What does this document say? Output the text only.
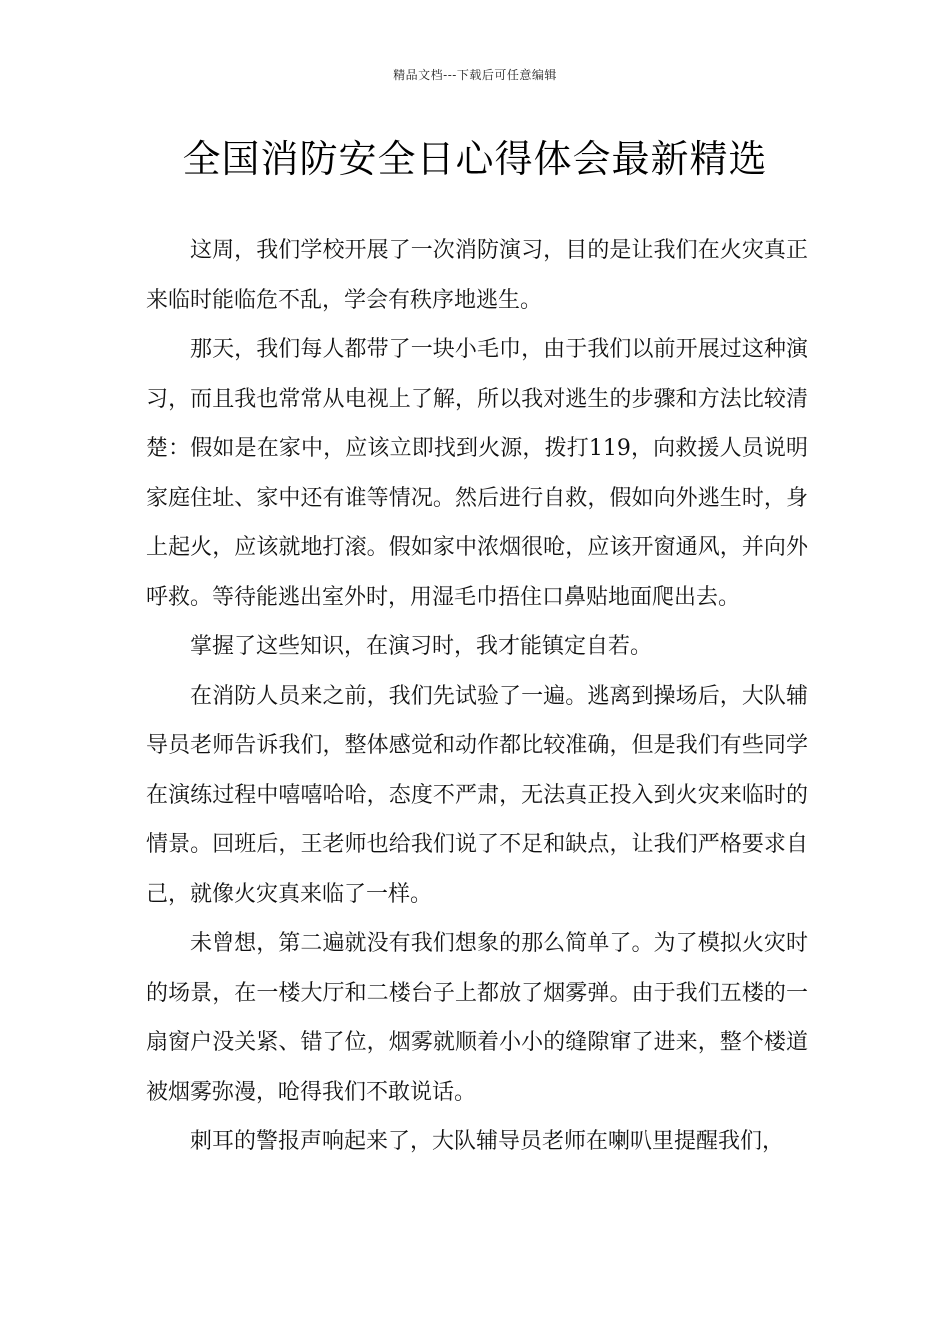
精品文档---下载后可任意编辑
全国消防安全日心得体会最新精选

这周，我们学校开展了一次消防演习，目的是让我们在火灾真正来临时能临危不乱，学会有秩序地逃生。

那天，我们每人都带了一块小毛巾，由于我们以前开展过这种演习，而且我也常常从电视上了解，所以我对逃生的步骤和方法比较清楚：假如是在家中，应该立即找到火源，拨打119，向救援人员说明家庭住址、家中还有谁等情况。然后进行自救，假如向外逃生时，身上起火，应该就地打滚。假如家中浓烟很呛，应该开窗通风，并向外呼救。等待能逃出室外时，用湿毛巾捂住口鼻贴地面爬出去。

掌握了这些知识，在演习时，我才能镇定自若。

在消防人员来之前，我们先试验了一遍。逃离到操场后，大队辅导员老师告诉我们，整体感觉和动作都比较准确，但是我们有些同学在演练过程中嘻嘻哈哈，态度不严肃，无法真正投入到火灾来临时的情景。回班后，王老师也给我们说了不足和缺点，让我们严格要求自己，就像火灾真来临了一样。

未曾想，第二遍就没有我们想象的那么简单了。为了模拟火灾时的场景，在一楼大厅和二楼台子上都放了烟雾弹。由于我们五楼的一扇窗户没关紧、错了位，烟雾就顺着小小的缝隙窜了进来，整个楼道被烟雾弥漫，呛得我们不敢说话。

刺耳的警报声响起来了，大队辅导员老师在喇叭里提醒我们，
